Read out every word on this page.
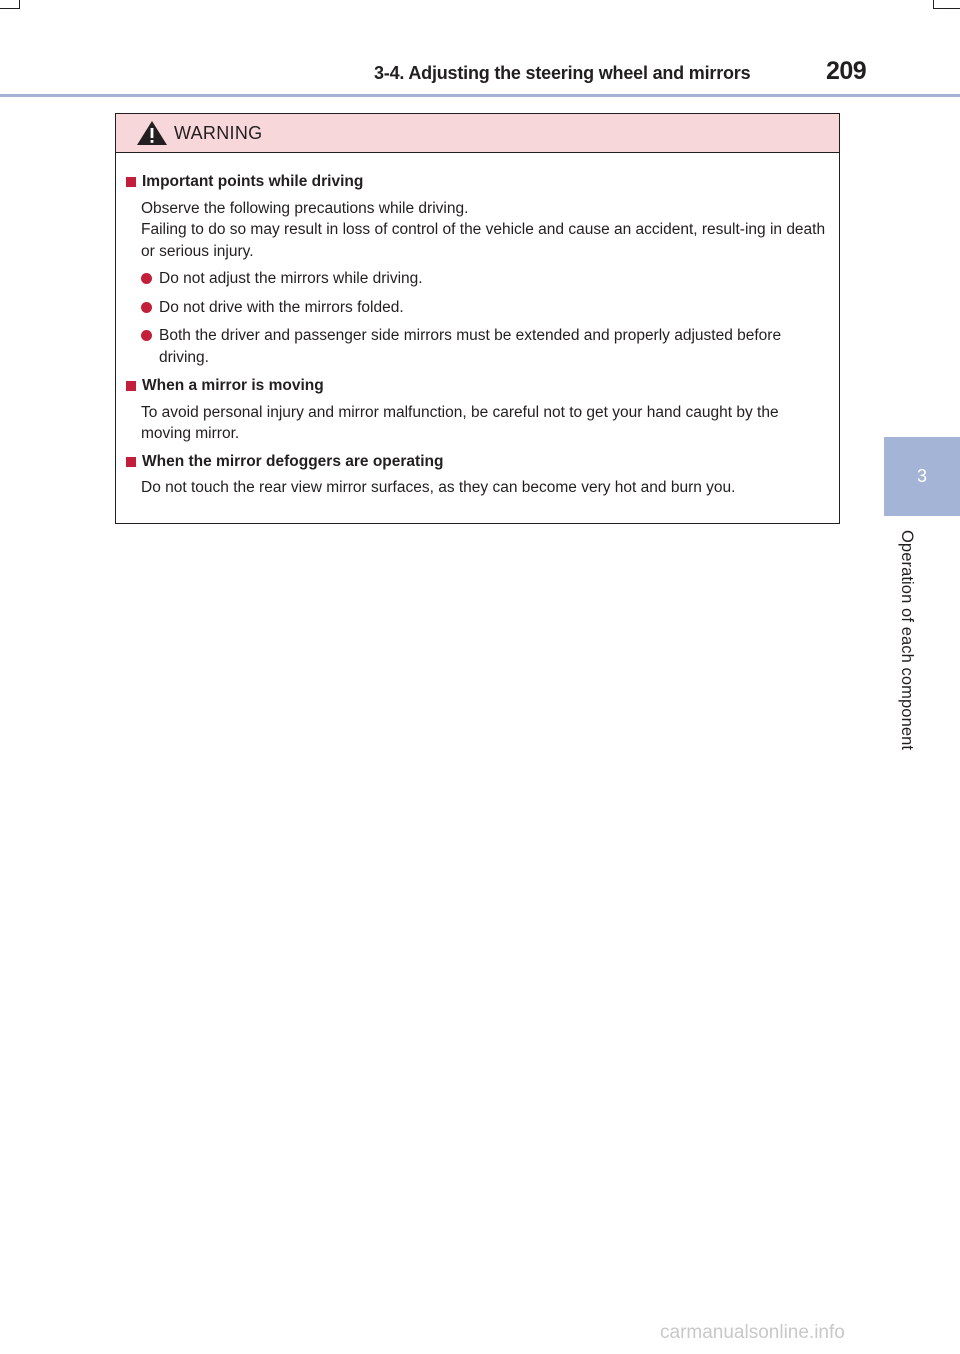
3-4. Adjusting the steering wheel and mirrors	209
3
Operation of each component
WARNING
Important points while driving
Observe the following precautions while driving.
Failing to do so may result in loss of control of the vehicle and cause an accident, result-ing in death or serious injury.
Do not adjust the mirrors while driving.
Do not drive with the mirrors folded.
Both the driver and passenger side mirrors must be extended and properly adjusted before driving.
When a mirror is moving
To avoid personal injury and mirror malfunction, be careful not to get your hand caught by the moving mirror.
When the mirror defoggers are operating
Do not touch the rear view mirror surfaces, as they can become very hot and burn you.
carmanualsonline.info
